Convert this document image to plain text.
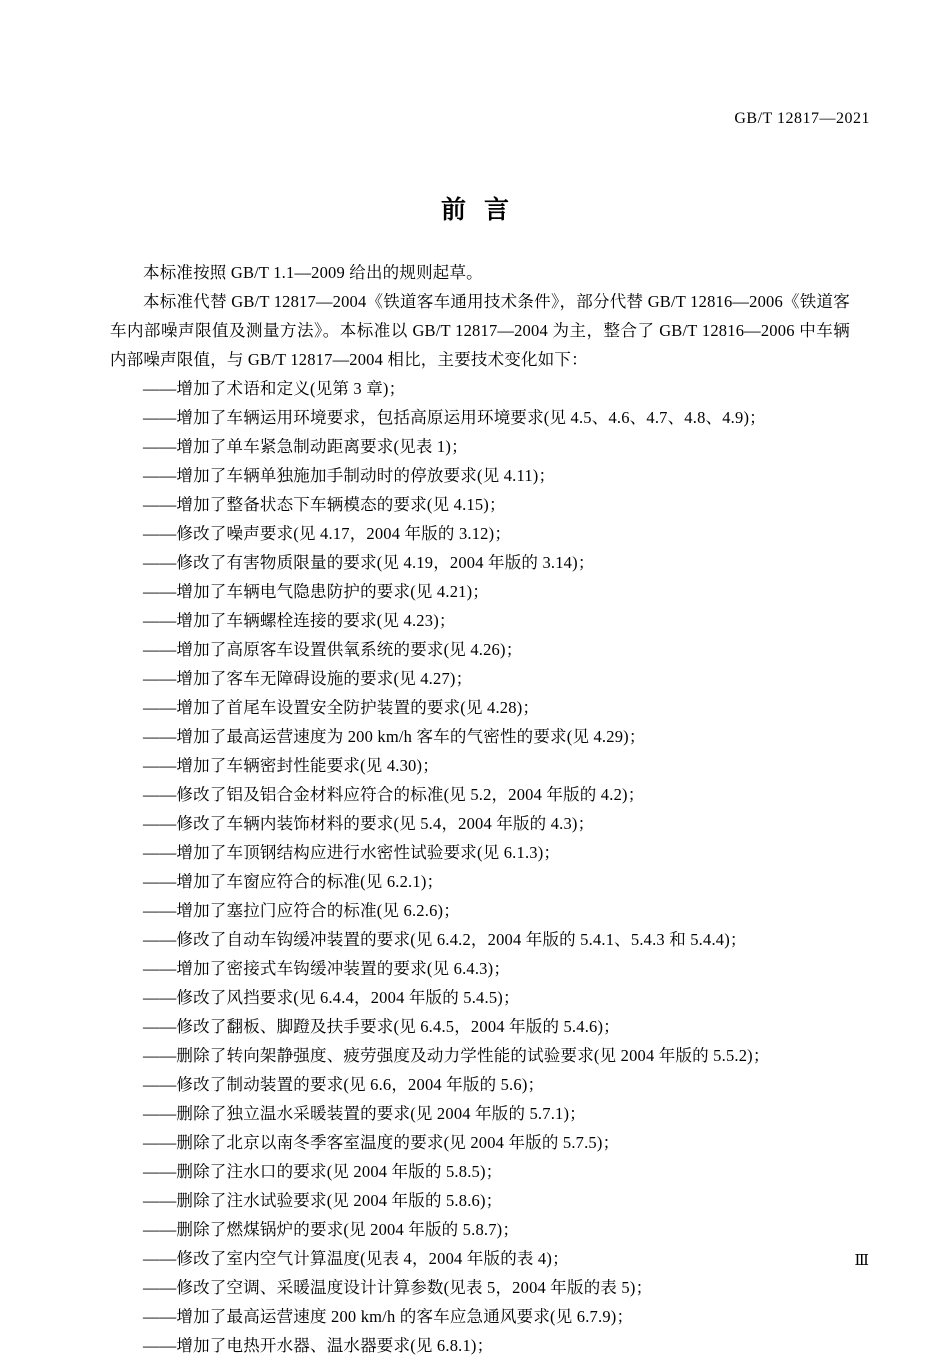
GB/T 12817—2021
前言

本标准按照 GB/T 1.1—2009 给出的规则起草。

本标准代替 GB/T 12817—2004《铁道客车通用技术条件》，部分代替 GB/T 12816—2006《铁道客车内部噪声限值及测量方法》。本标准以 GB/T 12817—2004 为主，整合了 GB/T 12816—2006 中车辆内部噪声限值，与 GB/T 12817—2004 相比，主要技术变化如下：

——增加了术语和定义(见第 3 章)；
——增加了车辆运用环境要求，包括高原运用环境要求(见 4.5、4.6、4.7、4.8、4.9)；
——增加了单车紧急制动距离要求(见表 1)；
——增加了车辆单独施加手制动时的停放要求(见 4.11)；
——增加了整备状态下车辆模态的要求(见 4.15)；
——修改了噪声要求(见 4.17，2004 年版的 3.12)；
——修改了有害物质限量的要求(见 4.19，2004 年版的 3.14)；
——增加了车辆电气隐患防护的要求(见 4.21)；
——增加了车辆螺栓连接的要求(见 4.23)；
——增加了高原客车设置供氧系统的要求(见 4.26)；
——增加了客车无障碍设施的要求(见 4.27)；
——增加了首尾车设置安全防护装置的要求(见 4.28)；
——增加了最高运营速度为 200 km/h 客车的气密性的要求(见 4.29)；
——增加了车辆密封性能要求(见 4.30)；
——修改了铝及铝合金材料应符合的标准(见 5.2，2004 年版的 4.2)；
——修改了车辆内装饰材料的要求(见 5.4，2004 年版的 4.3)；
——增加了车顶钢结构应进行水密性试验要求(见 6.1.3)；
——增加了车窗应符合的标准(见 6.2.1)；
——增加了塞拉门应符合的标准(见 6.2.6)；
——修改了自动车钩缓冲装置的要求(见 6.4.2，2004 年版的 5.4.1、5.4.3 和 5.4.4)；
——增加了密接式车钩缓冲装置的要求(见 6.4.3)；
——修改了风挡要求(见 6.4.4，2004 年版的 5.4.5)；
——修改了翻板、脚蹬及扶手要求(见 6.4.5，2004 年版的 5.4.6)；
——删除了转向架静强度、疲劳强度及动力学性能的试验要求(见 2004 年版的 5.5.2)；
——修改了制动装置的要求(见 6.6，2004 年版的 5.6)；
——删除了独立温水采暖装置的要求(见 2004 年版的 5.7.1)；
——删除了北京以南冬季客室温度的要求(见 2004 年版的 5.7.5)；
——删除了注水口的要求(见 2004 年版的 5.8.5)；
——删除了注水试验要求(见 2004 年版的 5.8.6)；
——删除了燃煤锅炉的要求(见 2004 年版的 5.8.7)；
——修改了室内空气计算温度(见表 4，2004 年版的表 4)；
——修改了空调、采暖温度设计计算参数(见表 5，2004 年版的表 5)；
——增加了最高运营速度 200 km/h 的客车应急通风要求(见 6.7.9)；
——增加了电热开水器、温水器要求(见 6.8.1)；
Ⅲ
